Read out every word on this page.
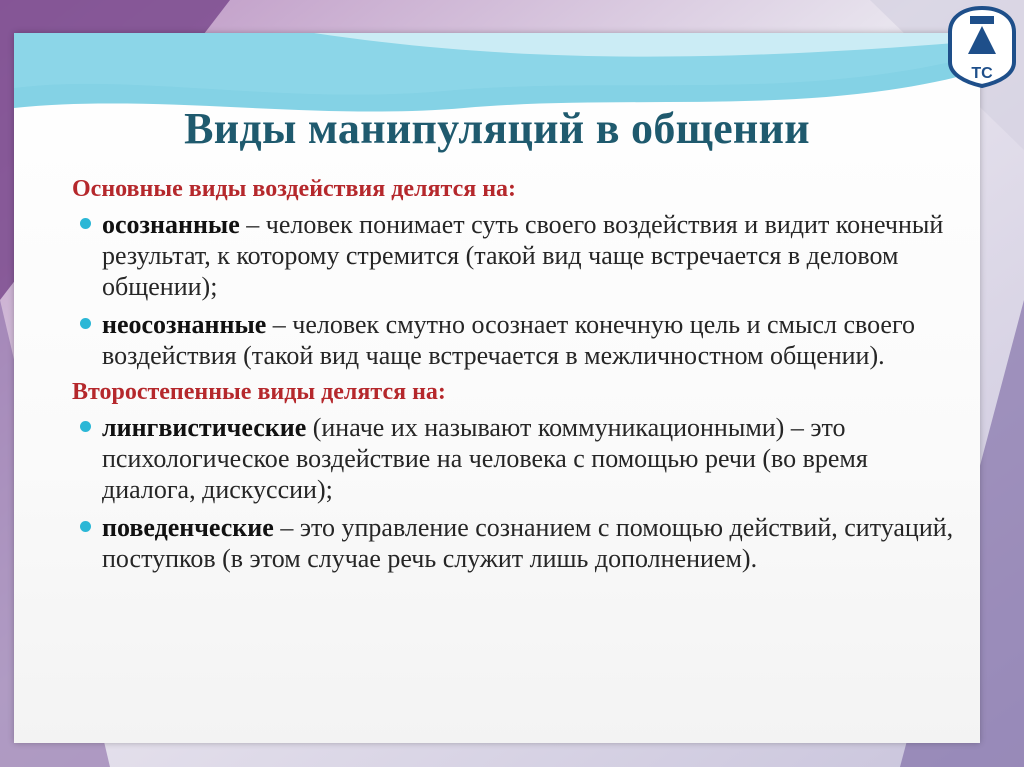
Виды манипуляций в общении
Основные виды воздействия делятся на:
осознанные – человек понимает суть своего воздействия и видит конечный результат, к которому стремится (такой вид чаще встречается в деловом общении);
неосознанные – человек смутно осознает конечную цель и смысл своего воздействия (такой вид чаще встречается в межличностном общении).
Второстепенные виды делятся на:
лингвистические (иначе их называют коммуникационными) – это психологическое воздействие на человека с помощью речи (во время диалога, дискуссии);
поведенческие – это управление сознанием с помощью действий, ситуаций, поступков (в этом случае речь служит лишь дополнением).
ТС
